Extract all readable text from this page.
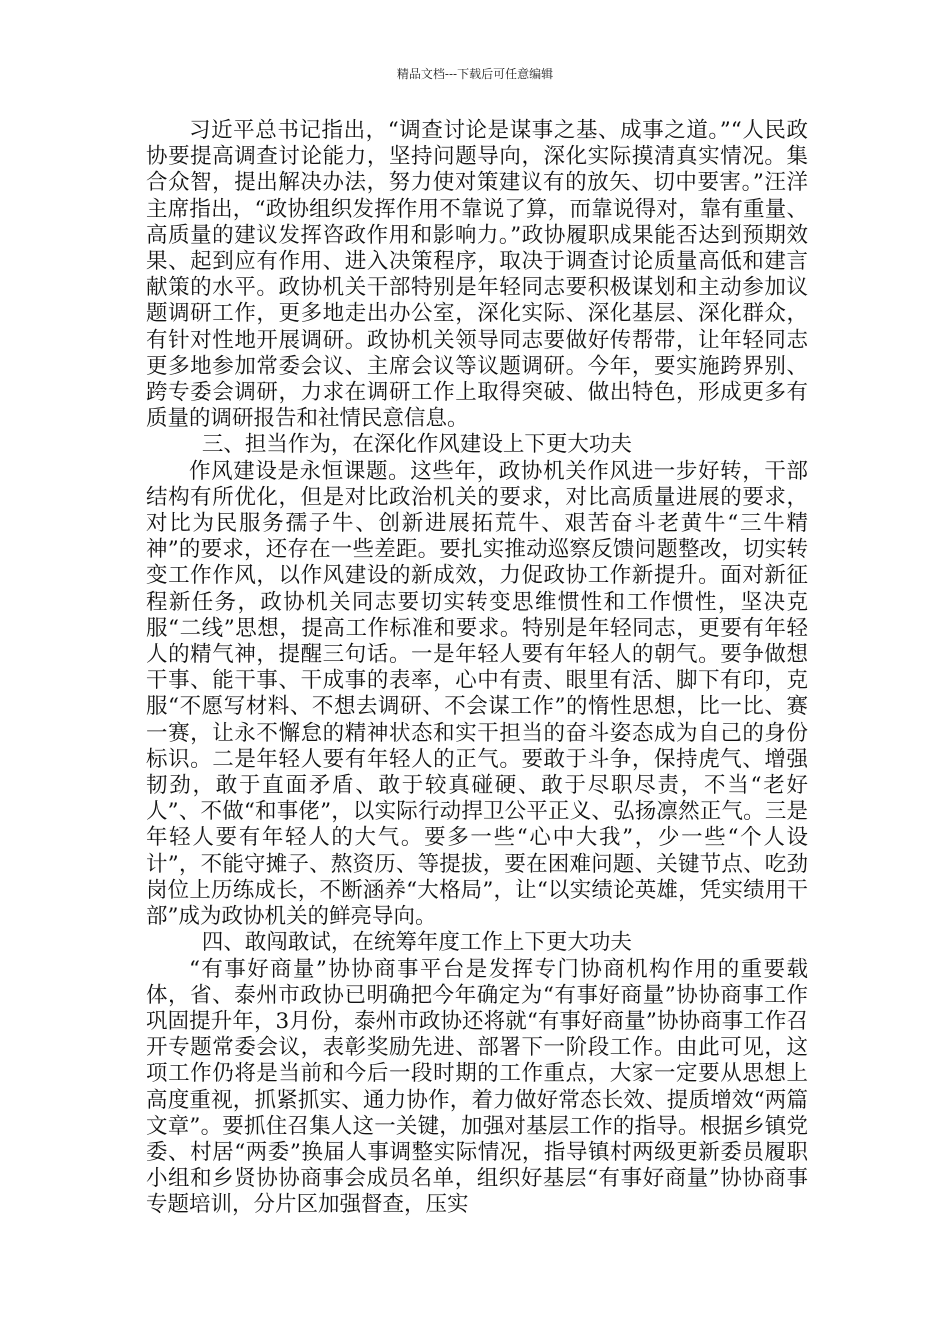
精品文档---下载后可任意编辑

习近平总书记指出，“调查讨论是谋事之基、成事之道。”“人民政协要提高调查讨论能力，坚持问题导向，深化实际摸清真实情况。集合众智，提出解决办法，努力使对策建议有的放矢、切中要害。”汪洋主席指出，“政协组织发挥作用不靠说了算，而靠说得对，靠有重量、高质量的建议发挥咨政作用和影响力。”政协履职成果能否达到预期效果、起到应有作用、进入决策程序，取决于调查讨论质量高低和建言献策的水平。政协机关干部特别是年轻同志要积极谋划和主动参加议题调研工作，更多地走出办公室，深化实际、深化基层、深化群众，有针对性地开展调研。政协机关领导同志要做好传帮带，让年轻同志更多地参加常委会议、主席会议等议题调研。今年，要实施跨界别、跨专委会调研，力求在调研工作上取得突破、做出特色，形成更多有质量的调研报告和社情民意信息。

三、担当作为，在深化作风建设上下更大功夫

作风建设是永恒课题。这些年，政协机关作风进一步好转，干部结构有所优化，但是对比政治机关的要求，对比高质量进展的要求，对比为民服务孺子牛、创新进展拓荒牛、艰苦奋斗老黄牛“三牛精神”的要求，还存在一些差距。要扎实推动巡察反馈问题整改，切实转变工作作风，以作风建设的新成效，力促政协工作新提升。面对新征程新任务，政协机关同志要切实转变思维惯性和工作惯性，坚决克服“二线”思想，提高工作标准和要求。特别是年轻同志，更要有年轻人的精气神，提醒三句话。一是年轻人要有年轻人的朝气。要争做想干事、能干事、干成事的表率，心中有责、眼里有活、脚下有印，克服“不愿写材料、不想去调研、不会谋工作”的惰性思想，比一比、赛一赛，让永不懈怠的精神状态和实干担当的奋斗姿态成为自己的身份标识。二是年轻人要有年轻人的正气。要敢于斗争，保持虎气、增强韧劲，敢于直面矛盾、敢于较真碰硬、敢于尽职尽责，不当“老好人”、不做“和事佬”，以实际行动捍卫公平正义、弘扬凛然正气。三是年轻人要有年轻人的大气。要多一些“心中大我”，少一些“个人设计”，不能守摊子、熬资历、等提拔，要在困难问题、关键节点、吃劲岗位上历练成长，不断涵养“大格局”，让“以实绩论英雄，凭实绩用干部”成为政协机关的鲜亮导向。

四、敢闯敢试，在统筹年度工作上下更大功夫

“有事好商量”协协商事平台是发挥专门协商机构作用的重要载体，省、泰州市政协已明确把今年确定为“有事好商量”协协商事工作巩固提升年，3月份，泰州市政协还将就“有事好商量”协协商事工作召开专题常委会议，表彰奖励先进、部署下一阶段工作。由此可见，这项工作仍将是当前和今后一段时期的工作重点，大家一定要从思想上高度重视，抓紧抓实、通力协作，着力做好常态长效、提质增效“两篇文章”。要抓住召集人这一关键，加强对基层工作的指导。根据乡镇党委、村居“两委”换届人事调整实际情况，指导镇村两级更新委员履职小组和乡贤协协商事会成员名单，组织好基层“有事好商量”协协商事专题培训，分片区加强督查，压实
